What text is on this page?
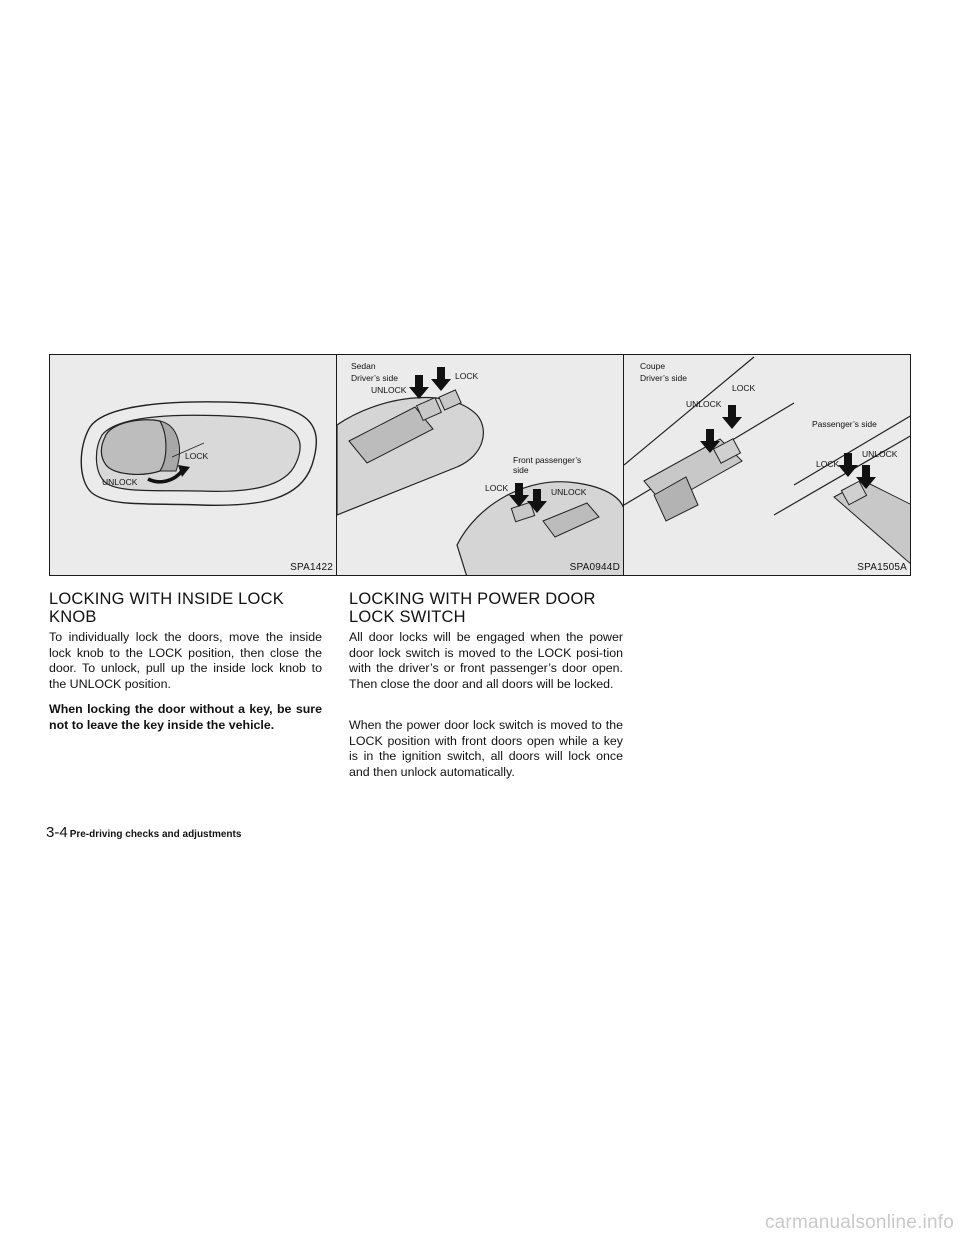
LOCK
UNLOCK
SPA1422
Sedan
Driver’s side
UNLOCK
LOCK
Front passenger’s
side
LOCK	UNLOCK
SPA0944D
Coupe
Driver’s side
LOCK
UNLOCK
Passenger’s side
UNLOCK
LOCK
SPA1505A
LOCKING WITH INSIDE LOCK KNOB

To individually lock the doors, move the inside lock knob to the LOCK position, then close the door. To unlock, pull up the inside lock knob to the UNLOCK position.

When locking the door without a key, be sure not to leave the key inside the vehicle.

LOCKING WITH POWER DOOR LOCK SWITCH

All door locks will be engaged when the power door lock switch is moved to the LOCK posi-tion with the driver’s or front passenger’s door open. Then close the door and all doors will be locked.

When the power door lock switch is moved to the LOCK position with front doors open while a key is in the ignition switch, all doors will lock once and then unlock automatically.

3-4 Pre-driving checks and adjustments
carmanualsonline.info
